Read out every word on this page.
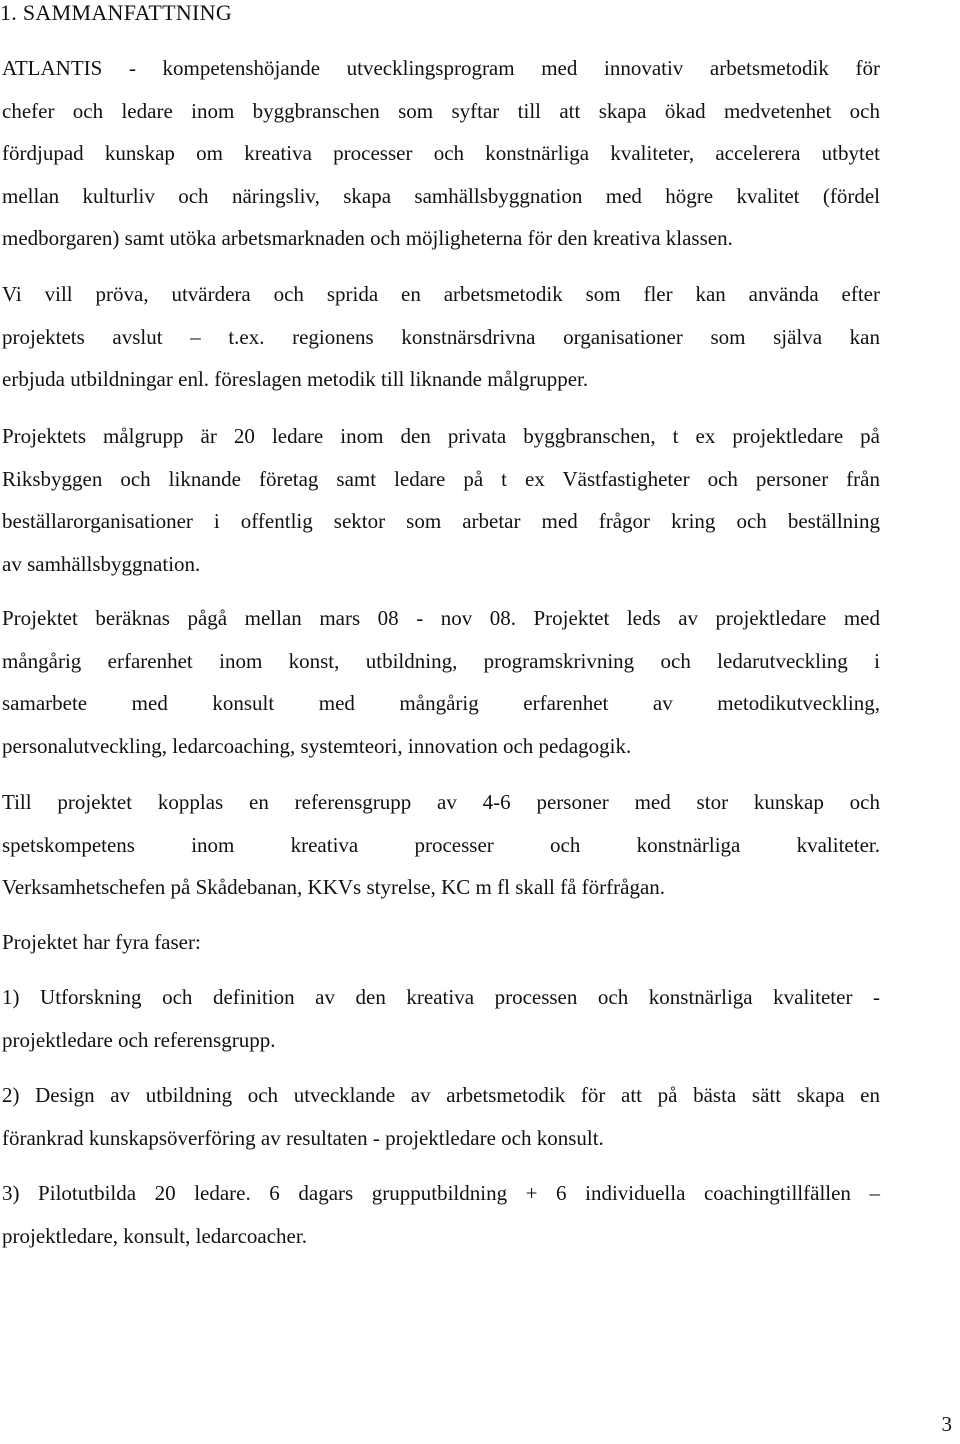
1. SAMMANFATTNING

ATLANTIS - kompetenshöjande utvecklingsprogram med innovativ arbetsmetodik för
chefer och ledare inom byggbranschen som syftar till att skapa ökad medvetenhet och
fördjupad kunskap om kreativa processer och konstnärliga kvaliteter, accelerera utbytet
mellan kulturliv och näringsliv, skapa samhällsbyggnation med högre kvalitet (fördel
medborgaren) samt utöka arbetsmarknaden och möjligheterna för den kreativa klassen.

Vi vill pröva, utvärdera och sprida en arbetsmetodik som fler kan använda efter
projektets avslut – t.ex. regionens konstnärsdrivna organisationer som själva kan
erbjuda utbildningar enl. föreslagen metodik till liknande målgrupper.

Projektets målgrupp är 20 ledare inom den privata byggbranschen, t ex projektledare på
Riksbyggen och liknande företag samt ledare på t ex Västfastigheter och personer från
beställarorganisationer i offentlig sektor som arbetar med frågor kring och beställning
av samhällsbyggnation.

Projektet beräknas pågå mellan mars 08 - nov 08. Projektet leds av projektledare med
mångårig erfarenhet inom konst, utbildning, programskrivning och ledarutveckling i
samarbete med konsult med mångårig erfarenhet av metodikutveckling,
personalutveckling, ledarcoaching, systemteori, innovation och pedagogik.

Till projektet kopplas en referensgrupp av 4-6 personer med stor kunskap och
spetskompetens inom kreativa processer och konstnärliga kvaliteter.
Verksamhetschefen på Skådebanan, KKVs styrelse, KC m fl skall få förfrågan.

Projektet har fyra faser:

1) Utforskning och definition av den kreativa processen och konstnärliga kvaliteter -
projektledare och referensgrupp.

2) Design av utbildning och utvecklande av arbetsmetodik för att på bästa sätt skapa en
förankrad kunskapsöverföring av resultaten - projektledare och konsult.

3) Pilotutbilda 20 ledare. 6 dagars grupputbildning + 6 individuella coachingtillfällen –
projektledare, konsult, ledarcoacher.

3
